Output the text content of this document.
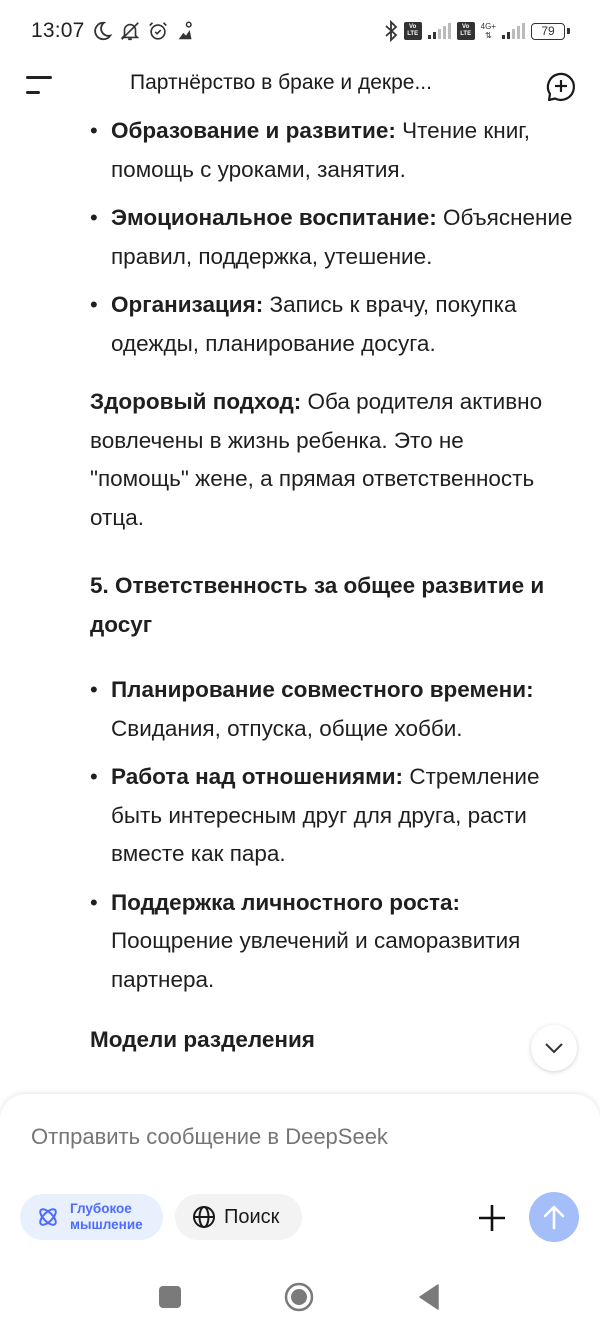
13:07	Vo
LTE
Vo
LTE
4G+
⇅	79
Партнёрство в браке и декре...
• Образование и развитие: Чтение книг, помощь с уроками, занятия.
• Эмоциональное воспитание: Объяснение правил, поддержка, утешение.
• Организация: Запись к врачу, покупка одежды, планирование досуга.

Здоровый подход: Оба родителя активно вовлечены в жизнь ребенка. Это не "помощь" жене, а прямая ответственность отца.

5. Ответственность за общее развитие и досуг
• Планирование совместного времени: Свидания, отпуска, общие хобби.
• Работа над отношениями: Стремление быть интересным друг для друга, расти вместе как пара.
• Поддержка личностного роста: Поощрение увлечений и саморазвития партнера.
Модели разделения
Отправить сообщение в DeepSeek
Глубокое мышление	Поиск
